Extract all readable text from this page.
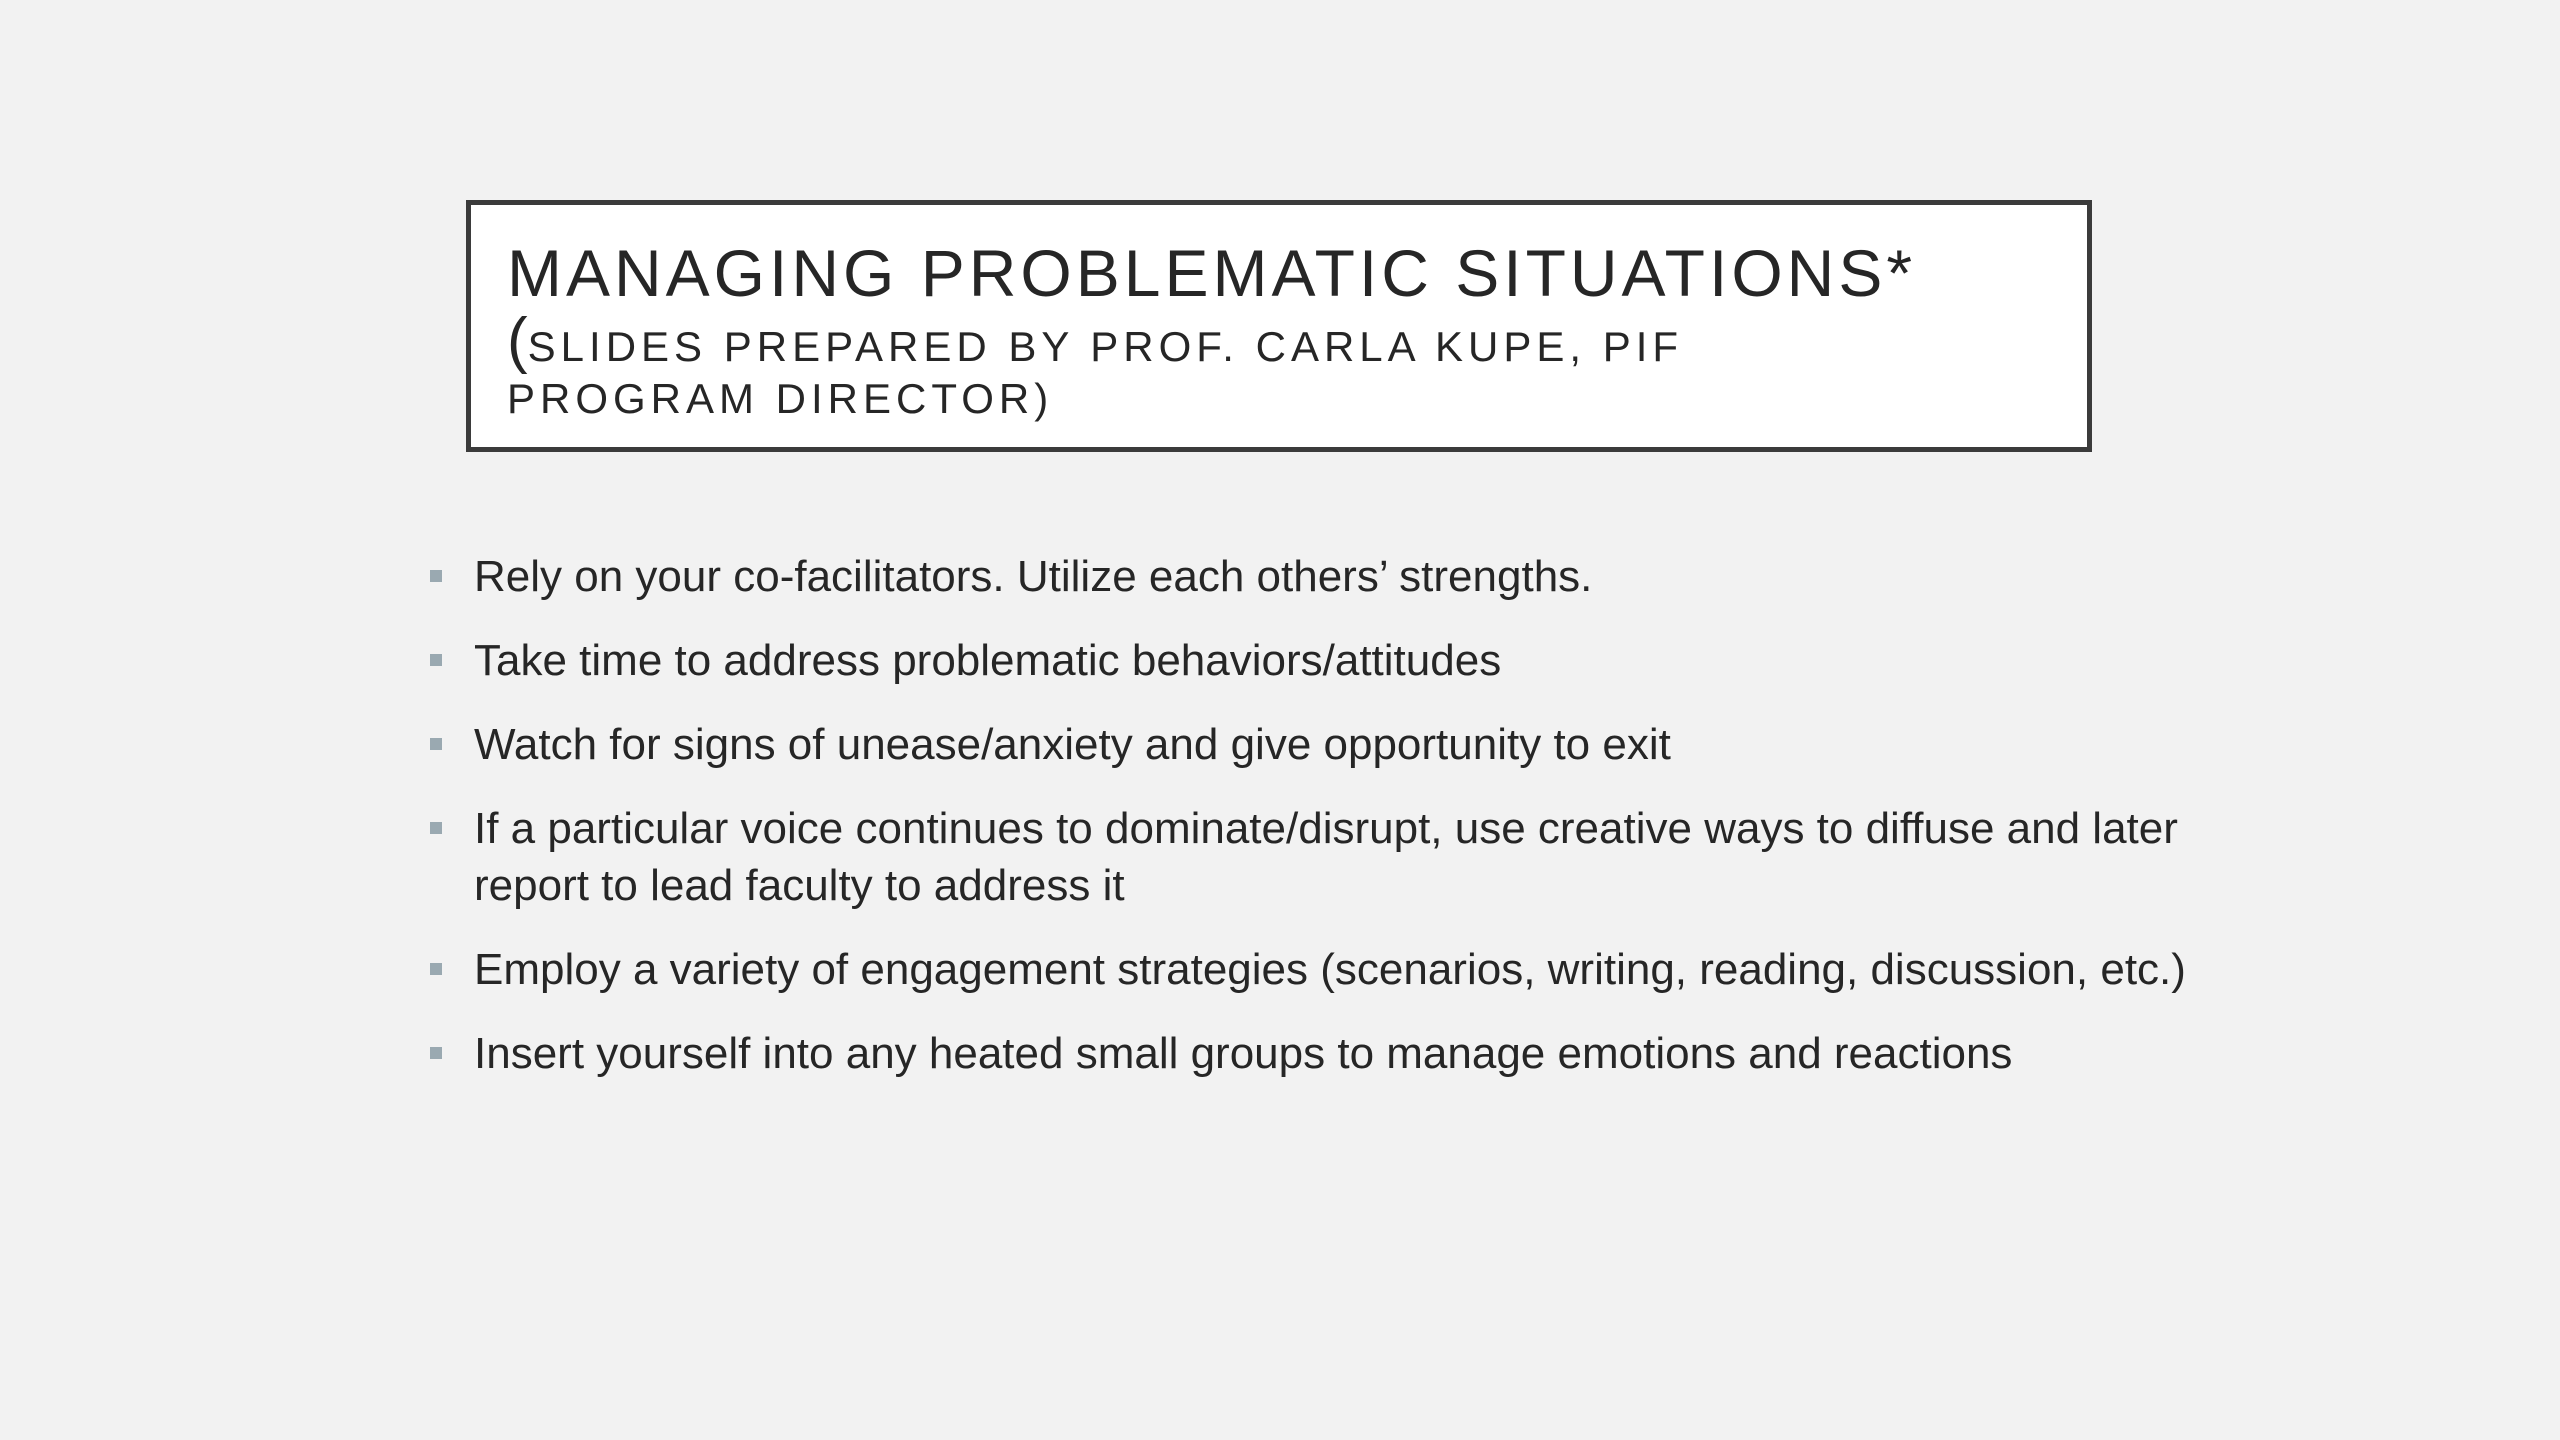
MANAGING PROBLEMATIC SITUATIONS*
(SLIDES PREPARED BY PROF. CARLA KUPE, PIF PROGRAM DIRECTOR)
Rely on your co-facilitators. Utilize each others’ strengths.
Take time to address problematic behaviors/attitudes
Watch for signs of unease/anxiety and give opportunity to exit
If a particular voice continues to dominate/disrupt, use creative ways to diffuse and later report to lead faculty to address it
Employ a variety of engagement strategies (scenarios, writing, reading, discussion, etc.)
Insert yourself into any heated small groups to manage emotions and reactions
